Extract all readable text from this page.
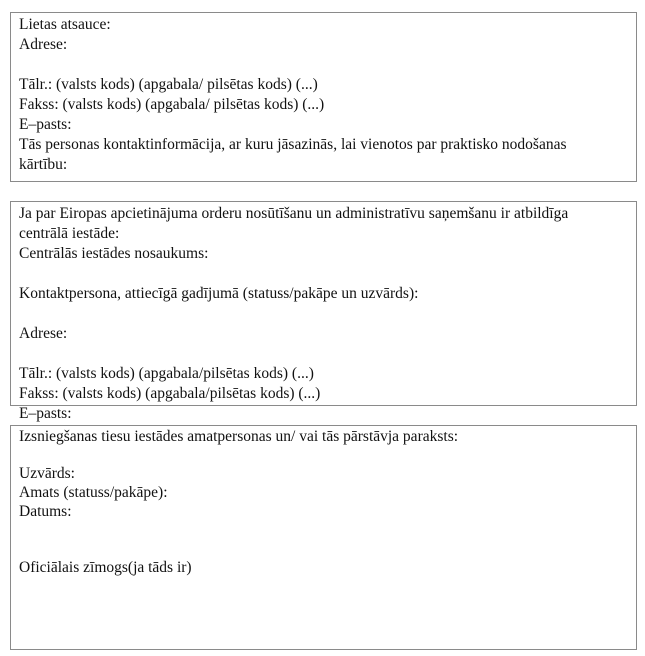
Lietas atsauce:
Adrese:
Tālr.: (valsts kods) (apgabala/ pilsētas kods) (...)
Fakss: (valsts kods) (apgabala/ pilsētas kods) (...)
E–pasts:
Tās personas kontaktinformācija, ar kuru jāsazinās, lai vienotos par praktisko nodošanas
kārtību:
Ja par Eiropas apcietinājuma orderu nosūtīšanu un administratīvu saņemšanu ir atbildīga
centrālā iestāde:
Centrālās iestādes nosaukums:
Kontaktpersona, attiecīgā gadījumā (statuss/pakāpe un uzvārds):
Adrese:
Tālr.: (valsts kods) (apgabala/pilsētas kods) (...)
Fakss: (valsts kods) (apgabala/pilsētas kods) (...)
E–pasts:
Izsniegšanas tiesu iestādes amatpersonas un/ vai tās pārstāvja paraksts:
Uzvārds:
Amats (statuss/pakāpe):
Datums:
Oficiālais zīmogs(ja tāds ir)
